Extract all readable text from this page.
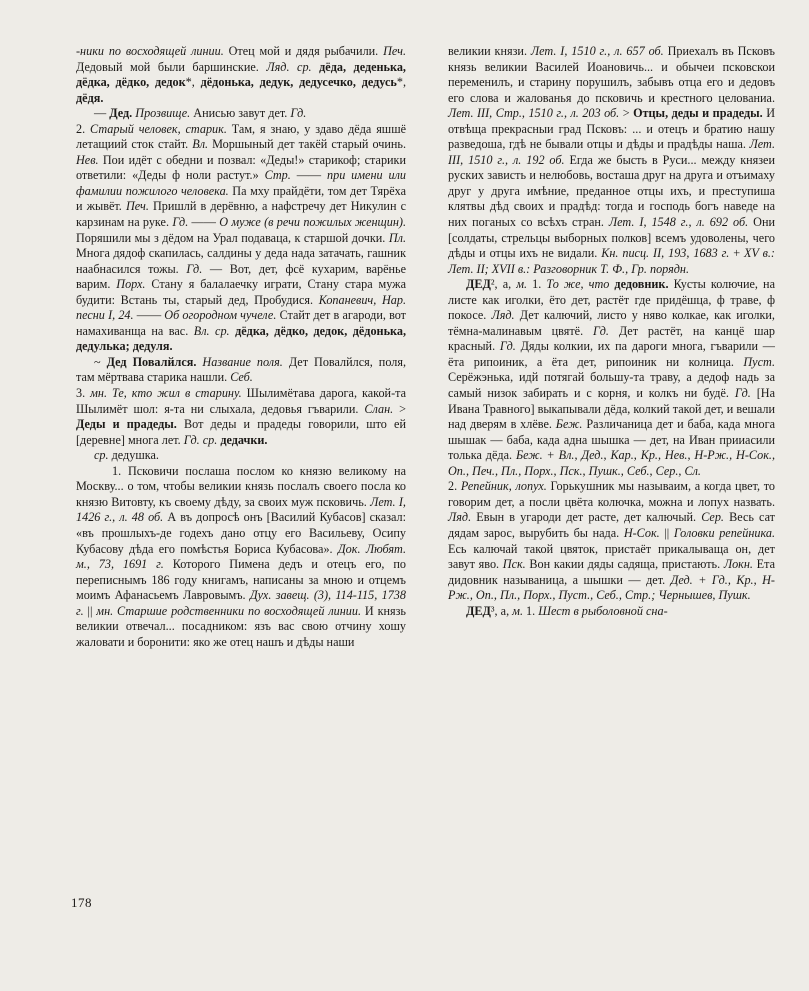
-ники по восходящей линии. Отец мой и дядя рыбачили. Печ. Дедовый мой были баршинские. Ляд. ср. дёда, деденька, дёдка, дёдко, дедок*, дёдонька, дедук, дедусечко, дедусь*, дёдя.

— Дед. Прозвище. Анисью завут дет. Гд.

2. Старый человек, старик. Там, я знаю, у здаво дёда яшшё летащиий сток стайт. Вл. Моршыный дет такёй старый очинь. Нев. Пои идёт с обедни и позвал: «Деды!» старикоф; старики ответили: «Деды ф ноли растут.» Стр. —— при имени или фамилии пожилого человека. Па мху прайдёти, том дет Тярёха и жывёт. Печ. Пришлй в дерёвню, а нафстречу дет Никулин с карзинам на руке. Гд. —— О муже (в речи пожилых женщин). Поряшили мы з дёдом на Урал подаваца, к старшой дочки. Пл. Многа дядоф скапилась, салдины у деда нада затачать, гашник наабнасился тожы. Гд. — Вот, дет, фсё кухарим, варёнье варим. Порх. Стану я балалаечку играти, Стану стара мужа будити: Встань ты, старый дед, Пробудися. Копаневич, Нар. песни I, 24. —— Об огородном чучеле. Стайт дет в агароди, вот намахиванща на вас. Вл. ср. дёдка, дёдко, дедок, дёдонька, дедулька; дедуля.

~ Дед Повалйлся. Название поля. Дет Повалйлся, поля, там мёртвава старика нашли. Себ.

3. мн. Те, кто жил в старину. Шылимётава дарога, какой-та Шылимёт шол: я-та ни слыхала, дедовья гъварили. Слан. > Деды и прадеды. Вот деды и прадеды говорили, што ей [деревне] многа лет. Гд. ср. дедачки.

ср. дедушка.

1. Псковичи послаша послом ко князю великому на Москву... о том, чтобы великии князь послалъ своего посла ко князю Витовту, къ своему дѣду, за своих муж псковичь. Лет. I, 1426 г., л. 48 об. А въ допросѣ онъ [Василий Кубасов] сказал: «въ прошлыхъ-де годехъ дано отцу его Васильеву, Осипу Кубасову дѣда его помѣстья Бориса Кубасова». Док. Любят. м., 73, 1691 г. Которого Пимена дедъ и отецъ его, по переписнымъ 186 году книгамъ, написаны за мною и отцемъ моимъ Афанасьемъ Лавровымъ. Дух. завещ. (3), 114-115, 1738 г. || мн. Старшие родственники по восходящей линии. И князь великии отвечал... посадником: язъ вас свою отчину хошу жаловати и боронити: яко же отец нашъ и дѣды наши

великии князи. Лет. I, 1510 г., л. 657 об. Приехалъ въ Псковъ князь великии Василей Иоановичь... и обычеи псковскои переменилъ, и старину порушилъ, забывъ отца его и дедовъ его слова и жалованья до псковичь и крестного целованиа. Лет. III, Стр., 1510 г., л. 203 об. > Отцы, деды и прадеды. И отвѣща прекрасныи град Псковъ: ... и отецъ и братию нашу разведоша, гдѣ не бывали отцы и дѣды и прадѣды наша. Лет. III, 1510 г., л. 192 об. Егда же бысть в Руси... между князеи руских зависть и нелюбовь, восташа друг на друга и отъимаху друг у друга имѣние, преданное отцы ихъ, и преступиша клятвы дѣд своих и прадѣд: тогда и господь богъ наведе на них поганых со всѣхъ стран. Лет. I, 1548 г., л. 692 об. Они [солдаты, стрельцы выборных полков] всемъ удоволены, чего дѣды и отцы ихъ не видали. Кн. писц. II, 193, 1683 г. + XV в.: Лет. II; XVII в.: Разговорник Т. Ф., Гр. порядн.

ДЕД², а, м. 1. То же, что дедовник. Кусты колючие, на листе как иголки, ёто дет, растёт где придёшца, ф траве, ф покосе. Ляд. Дет калючий, листо у няво колкае, как иголки, тёмна-малинавым цвятё. Гд. Дет растёт, на канцё шар красный. Гд. Дяды колкии, их па дароги многа, гъварили — ёта рипоиник, а ёта дет, рипоиник ни колница. Пуст. Серёжэнька, идй потягай большу-та траву, а дедоф надь за самый низок забирать и с корня, и колкъ ни будё. Гд. [На Ивана Травного] выкапывали дёда, колкий такой дет, и вешали над дверям в хлёве. Беж. Различаница дет и баба, када многа шышак — баба, када адна шышка — дет, на Иван прииасили толька дёда. Беж. + Вл., Дед., Кар., Кр., Нев., Н-Рж., Н-Сок., Оп., Печ., Пл., Порх., Пск., Пушк., Себ., Сер., Сл.

2. Репейник, лопух. Горькушник мы называим, а когда цвет, то говорим дет, а посли цвёта колючка, можна и лопух назвать. Ляд. Евын в угароди дет расте, дет калючый. Сер. Весь сат дядам зарос, вырубить бы нада. Н-Сок. || Головки репейника. Есь калючай такой цвяток, пристаёт прикалываща он, дет завут яво. Пск. Вон какии дяды садяща, пристають. Локн. Ета дидовник называница, а шышки — дет. Дед. + Гд., Кр., Н-Рж., Оп., Пл., Порх., Пуст., Себ., Стр.; Чернышев, Пушк.

ДЕД³, а, м. 1. Шест в рыболовной сна-

178
